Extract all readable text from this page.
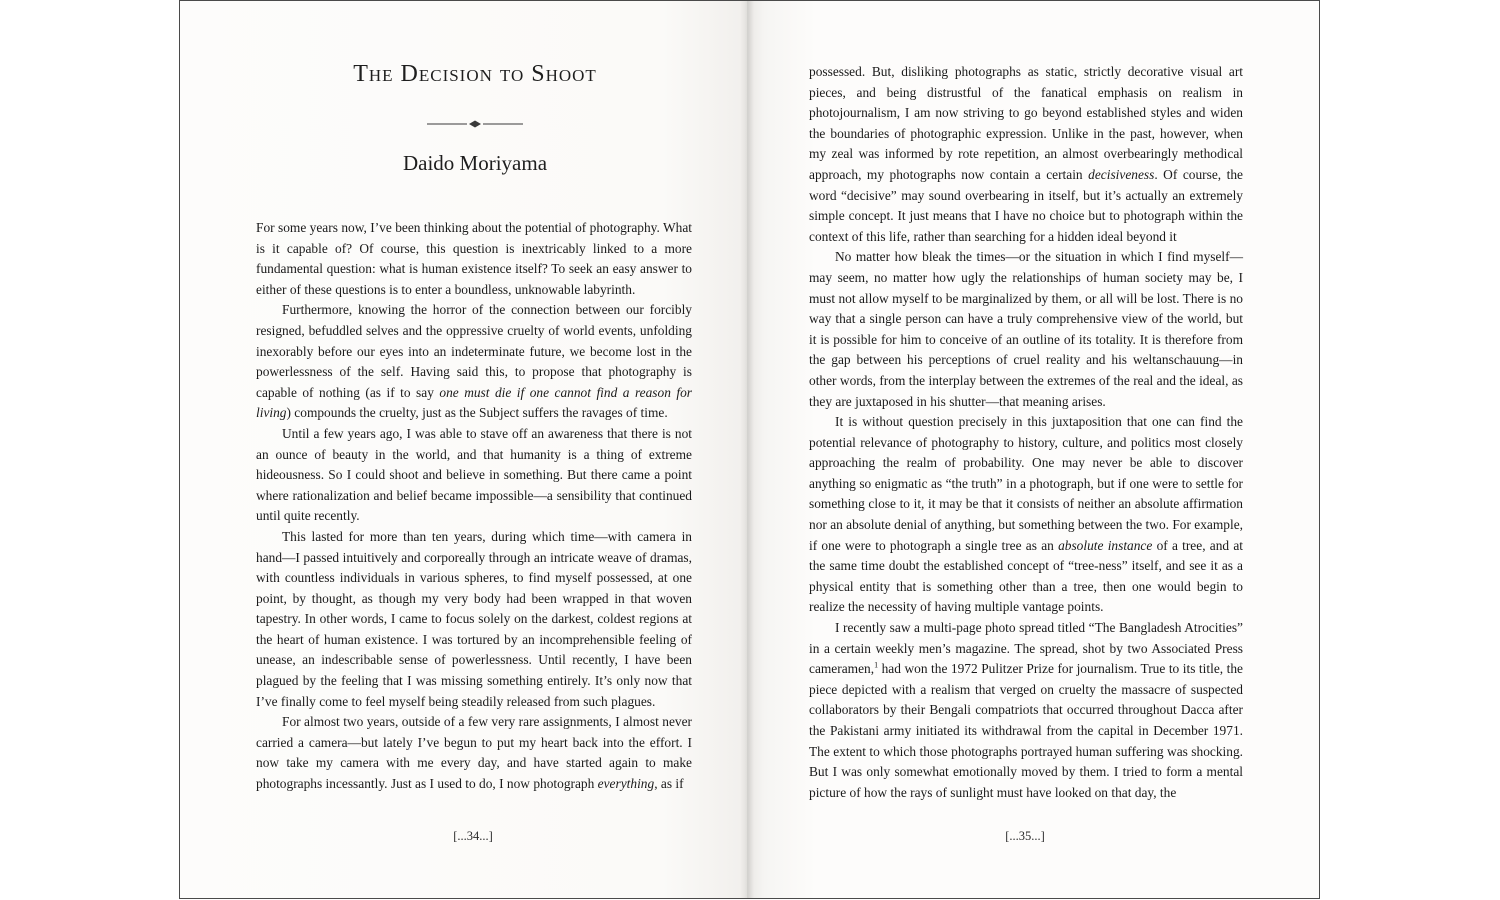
The Decision to Shoot
Daido Moriyama

For some years now, I’ve been thinking about the potential of photography. What is it capable of? Of course, this question is inextricably linked to a more fundamental question: what is human existence itself? To seek an easy answer to either of these questions is to enter a boundless, unknowable labyrinth.

Furthermore, knowing the horror of the connection between our forcibly resigned, befuddled selves and the oppressive cruelty of world events, unfolding inexorably before our eyes into an indeterminate future, we become lost in the powerlessness of the self. Having said this, to propose that photography is capable of nothing (as if to say one must die if one cannot find a reason for living) compounds the cruelty, just as the Subject suffers the ravages of time.

Until a few years ago, I was able to stave off an awareness that there is not an ounce of beauty in the world, and that humanity is a thing of extreme hideousness. So I could shoot and believe in something. But there came a point where rationalization and belief became impossible—a sensibility that continued until quite recently.

This lasted for more than ten years, during which time—with camera in hand—I passed intuitively and corporeally through an intricate weave of dramas, with countless individuals in various spheres, to find myself possessed, at one point, by thought, as though my very body had been wrapped in that woven tapestry. In other words, I came to focus solely on the darkest, coldest regions at the heart of human existence. I was tortured by an incomprehensible feeling of unease, an indescribable sense of powerlessness. Until recently, I have been plagued by the feeling that I was missing something entirely. It’s only now that I’ve finally come to feel myself being steadily released from such plagues.

For almost two years, outside of a few very rare assignments, I almost never carried a camera—but lately I’ve begun to put my heart back into the effort. I now take my camera with me every day, and have started again to make photographs incessantly. Just as I used to do, I now photograph everything, as if

[...34...]

possessed. But, disliking photographs as static, strictly decorative visual art pieces, and being distrustful of the fanatical emphasis on realism in photojournalism, I am now striving to go beyond established styles and widen the boundaries of photographic expression. Unlike in the past, however, when my zeal was informed by rote repetition, an almost overbearingly methodical approach, my photographs now contain a certain decisiveness. Of course, the word “decisive” may sound overbearing in itself, but it’s actually an extremely simple concept. It just means that I have no choice but to photograph within the context of this life, rather than searching for a hidden ideal beyond it

No matter how bleak the times—or the situation in which I find myself—may seem, no matter how ugly the relationships of human society may be, I must not allow myself to be marginalized by them, or all will be lost. There is no way that a single person can have a truly comprehensive view of the world, but it is possible for him to conceive of an outline of its totality. It is therefore from the gap between his perceptions of cruel reality and his weltanschauung—in other words, from the interplay between the extremes of the real and the ideal, as they are juxtaposed in his shutter—that meaning arises.

It is without question precisely in this juxtaposition that one can find the potential relevance of photography to history, culture, and politics most closely approaching the realm of probability. One may never be able to discover anything so enigmatic as “the truth” in a photograph, but if one were to settle for something close to it, it may be that it consists of neither an absolute affirmation nor an absolute denial of anything, but something between the two. For example, if one were to photograph a single tree as an absolute instance of a tree, and at the same time doubt the established concept of “tree-ness” itself, and see it as a physical entity that is something other than a tree, then one would begin to realize the necessity of having multiple vantage points.

I recently saw a multi-page photo spread titled “The Bangladesh Atrocities” in a certain weekly men’s magazine. The spread, shot by two Associated Press cameramen,$^1$ had won the 1972 Pulitzer Prize for journalism. True to its title, the piece depicted with a realism that verged on cruelty the massacre of suspected collaborators by their Bengali compatriots that occurred throughout Dacca after the Pakistani army initiated its withdrawal from the capital in December 1971. The extent to which those photographs portrayed human suffering was shocking. But I was only somewhat emotionally moved by them. I tried to form a mental picture of how the rays of sunlight must have looked on that day, the

[...35...]
